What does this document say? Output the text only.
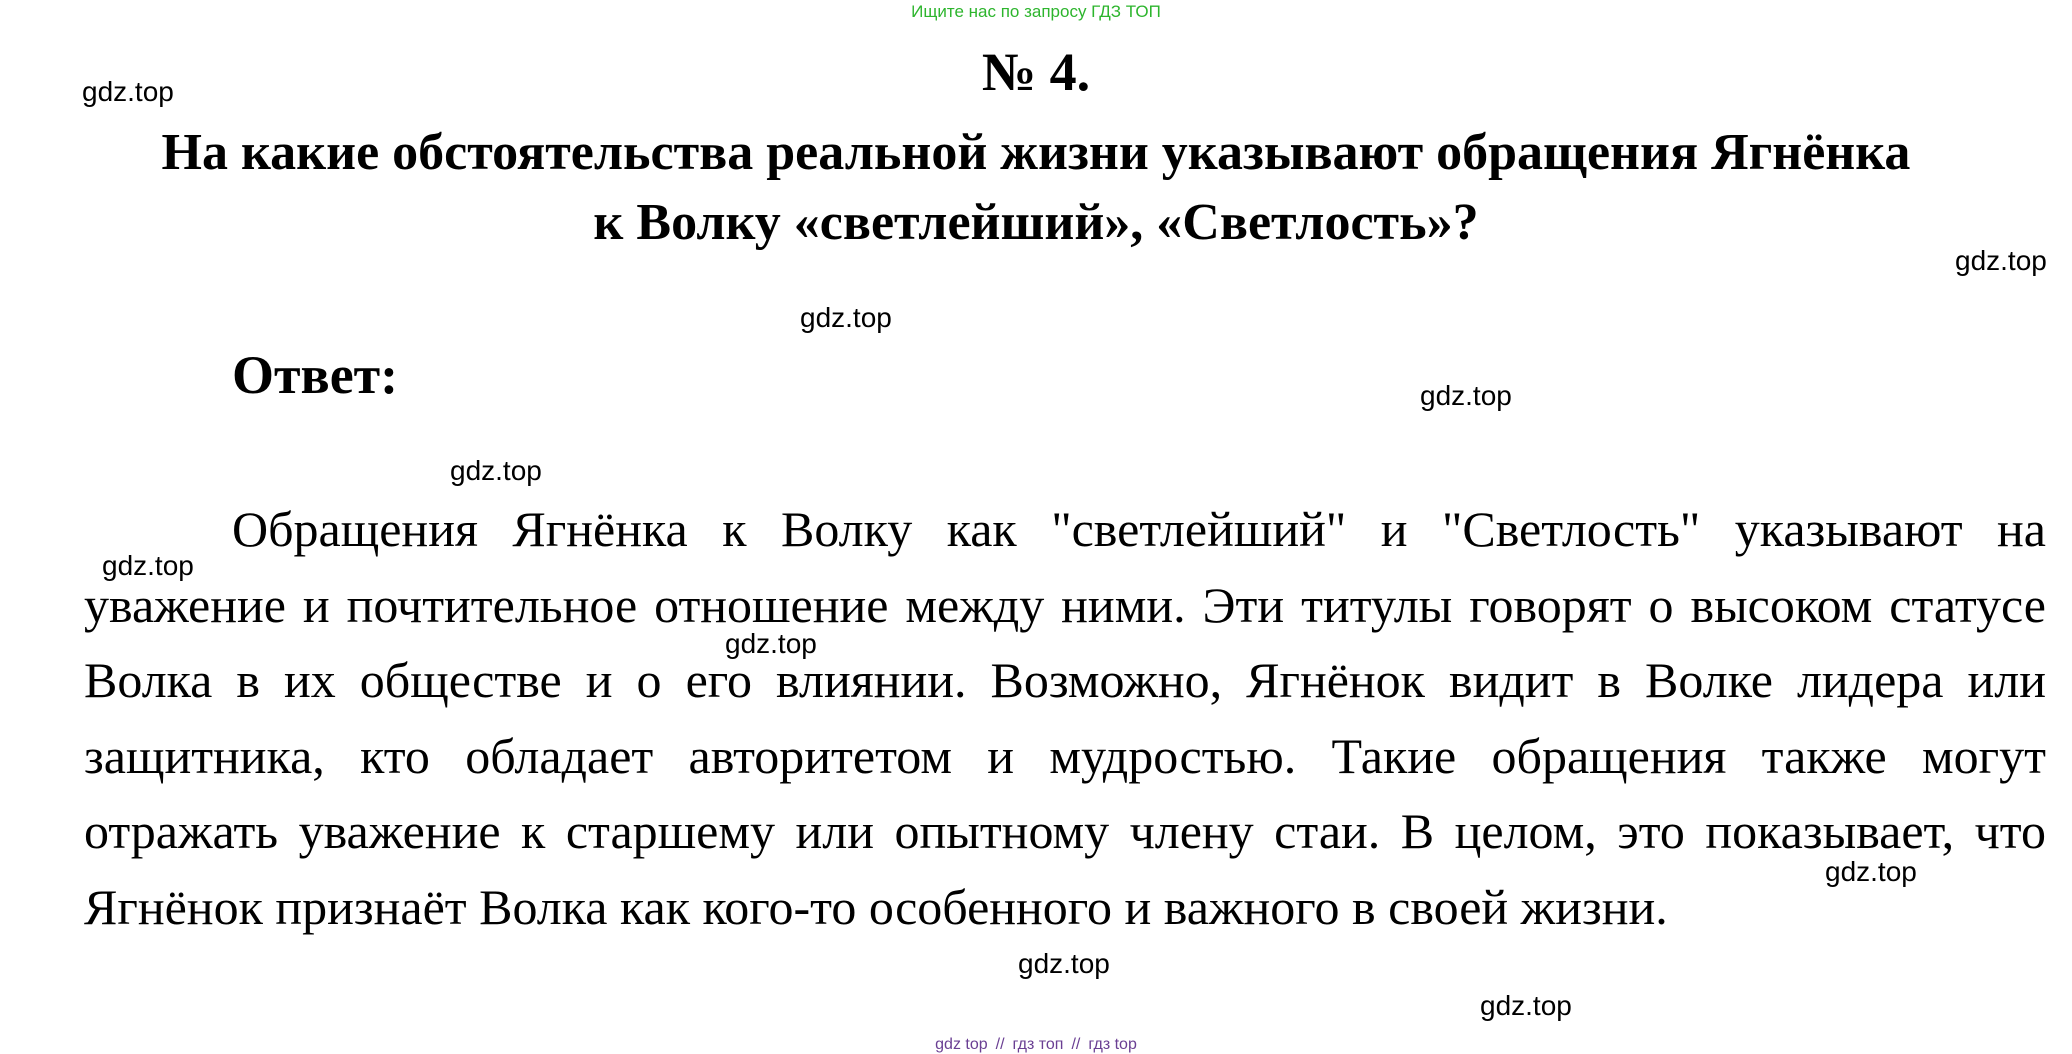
Ищите нас по запросу ГДЗ ТОП
№ 4.
На какие обстоятельства реальной жизни указывают обращения Ягнёнка к Волку «светлейший», «Светлость»?
Ответ:

Обращения Ягнёнка к Волку как "светлейший" и "Светлость" указывают на уважение и почтительное отношение между ними. Эти титулы говорят о высоком статусе Волка в их обществе и о его влиянии. Возможно, Ягнёнок видит в Волке лидера или защитника, кто обладает авторитетом и мудростью. Такие обращения также могут отражать уважение к старшему или опытному члену стаи. В целом, это показывает, что Ягнёнок признаёт Волка как кого-то особенного и важного в своей жизни.

gdz.top
gdz.top
gdz.top
gdz.top
gdz.top
gdz.top
gdz.top
gdz.top
gdz.top
gdz.top
gdz top // гдз топ // гдз top
